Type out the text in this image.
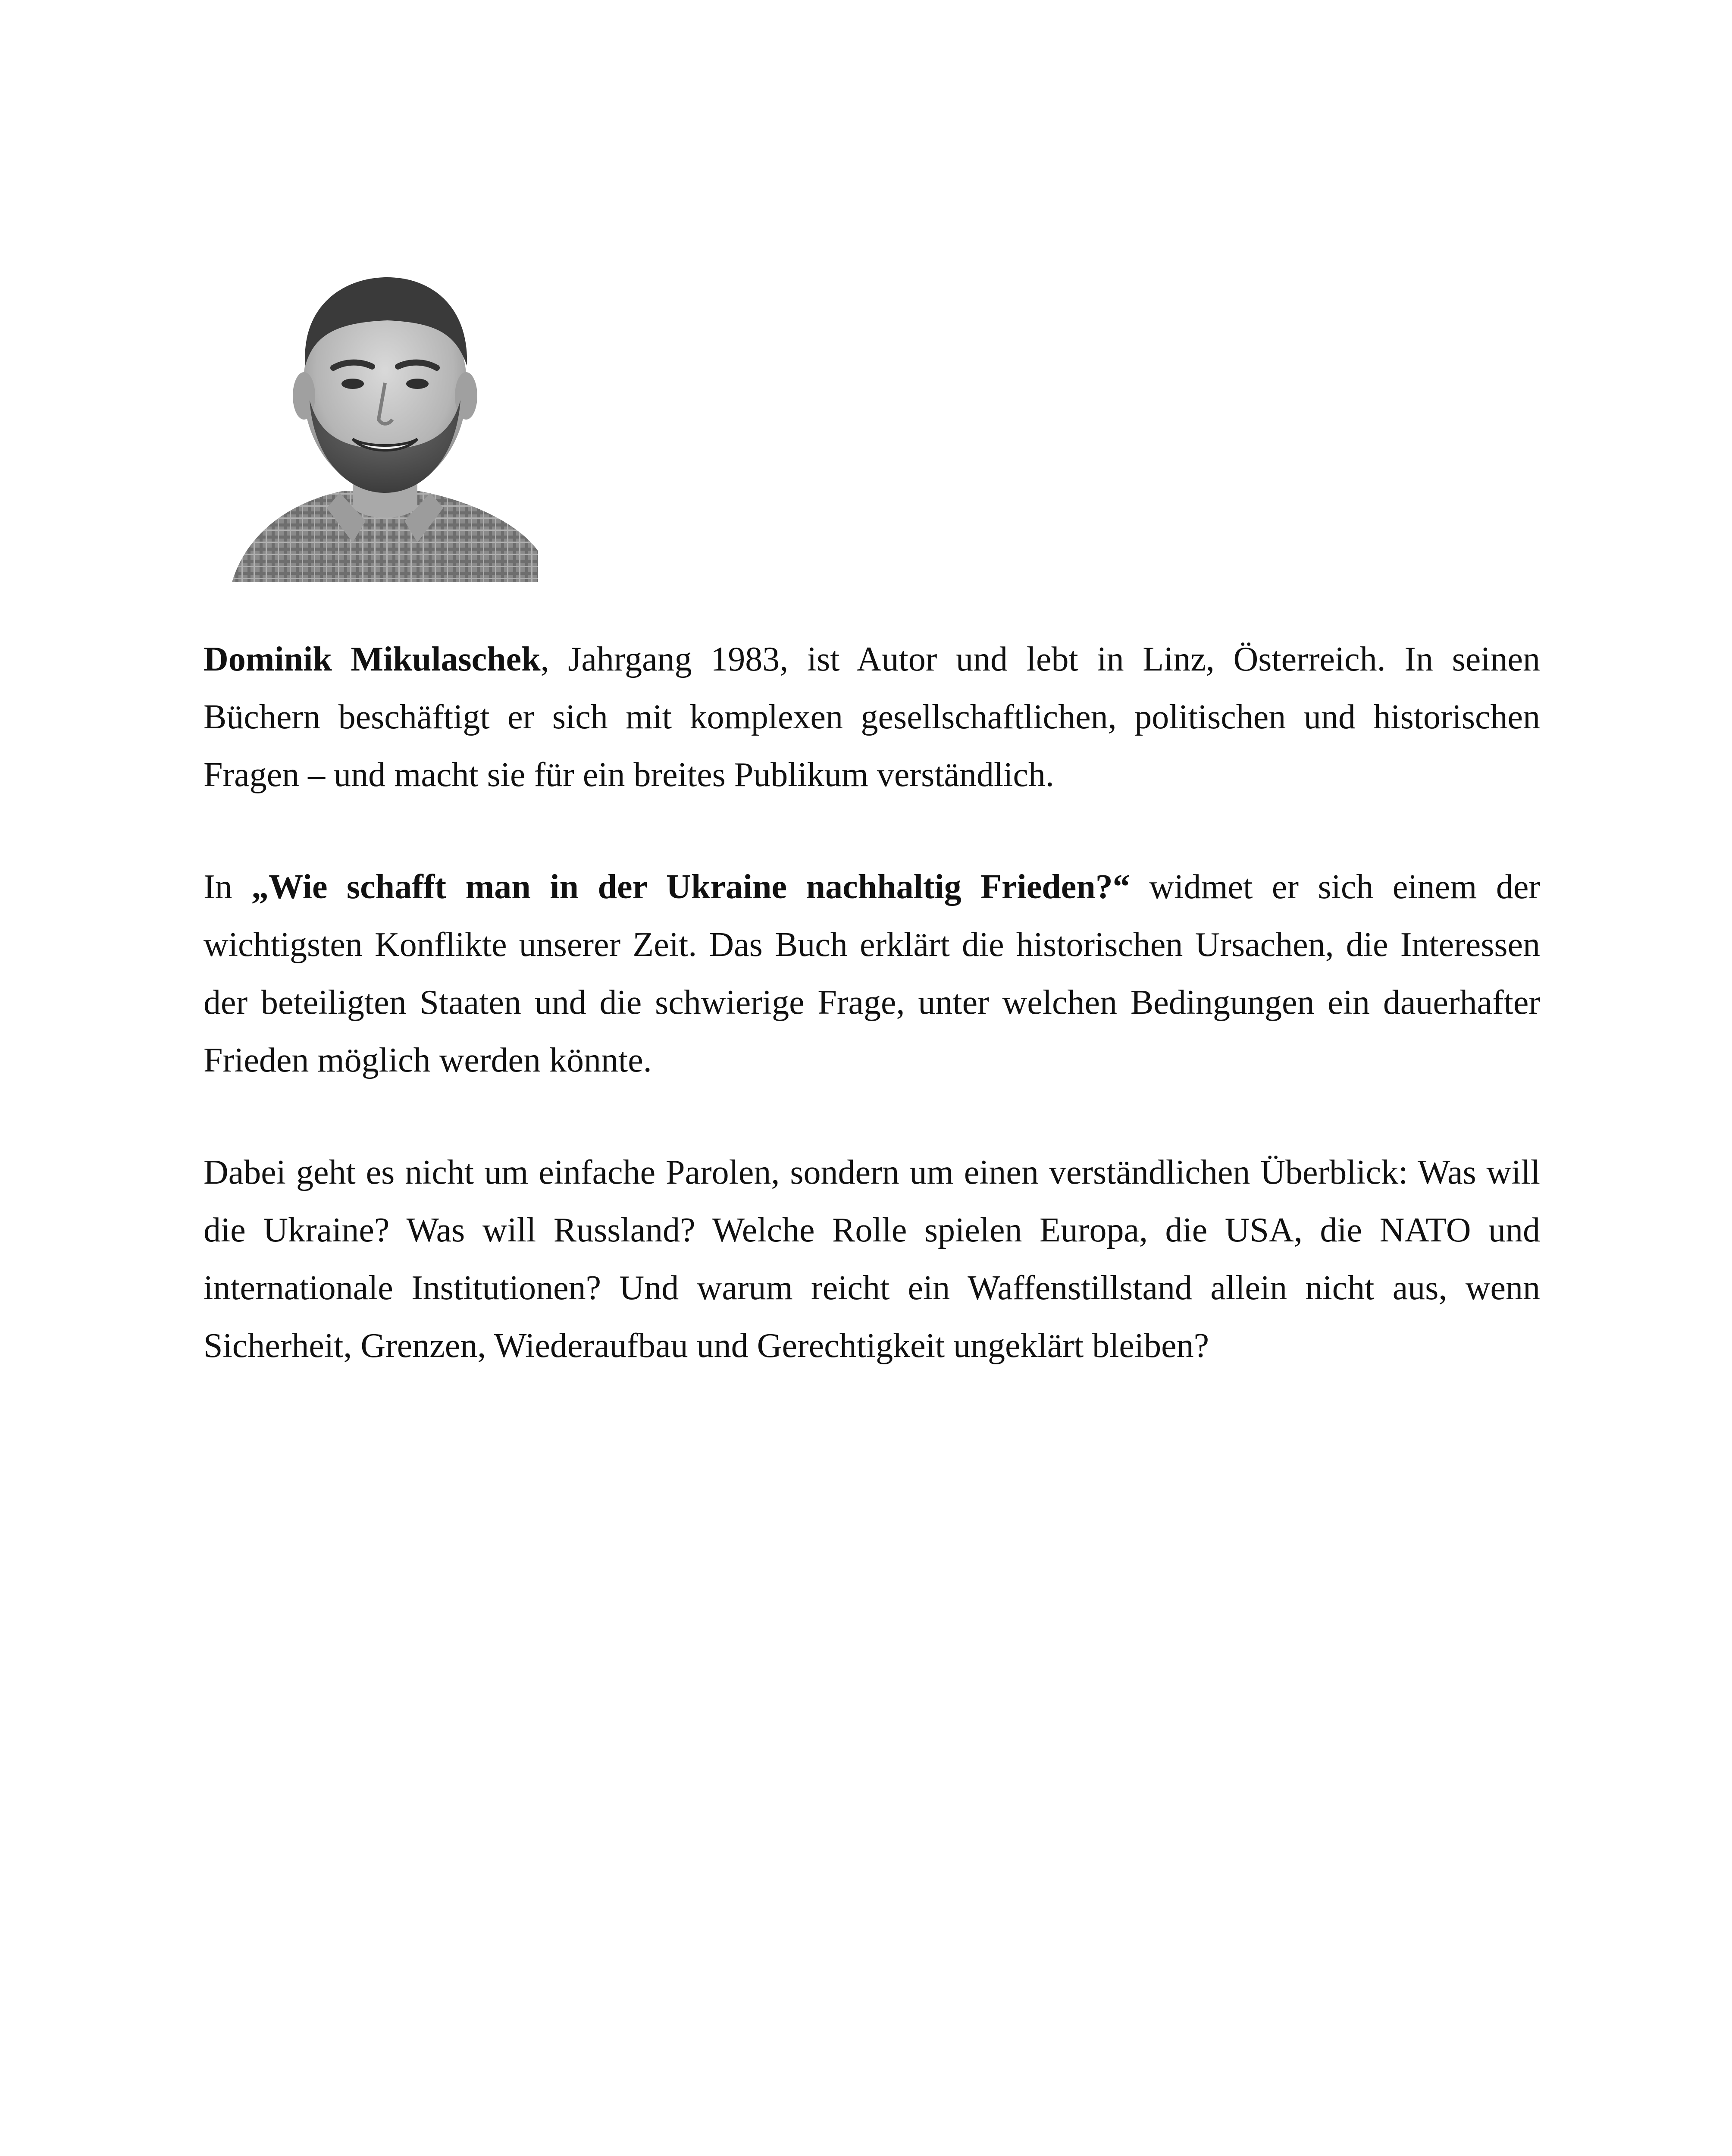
Dominik Mikulaschek, Jahrgang 1983, ist Autor und lebt in Linz, Österreich. In seinen Büchern beschäftigt er sich mit komplexen gesellschaftlichen, politischen und historischen Fragen – und macht sie für ein breites Publikum verständlich.

In „Wie schafft man in der Ukraine nachhaltig Frieden?“ widmet er sich einem der wichtigsten Konflikte unserer Zeit. Das Buch erklärt die historischen Ursachen, die Interessen der beteiligten Staaten und die schwierige Frage, unter welchen Bedingungen ein dauerhafter Frieden möglich werden könnte.

Dabei geht es nicht um einfache Parolen, sondern um einen verständlichen Überblick: Was will die Ukraine? Was will Russland? Welche Rolle spielen Europa, die USA, die NATO und internationale Institutionen? Und warum reicht ein Waffenstillstand allein nicht aus, wenn Sicherheit, Grenzen, Wiederaufbau und Gerechtigkeit ungeklärt bleiben?
